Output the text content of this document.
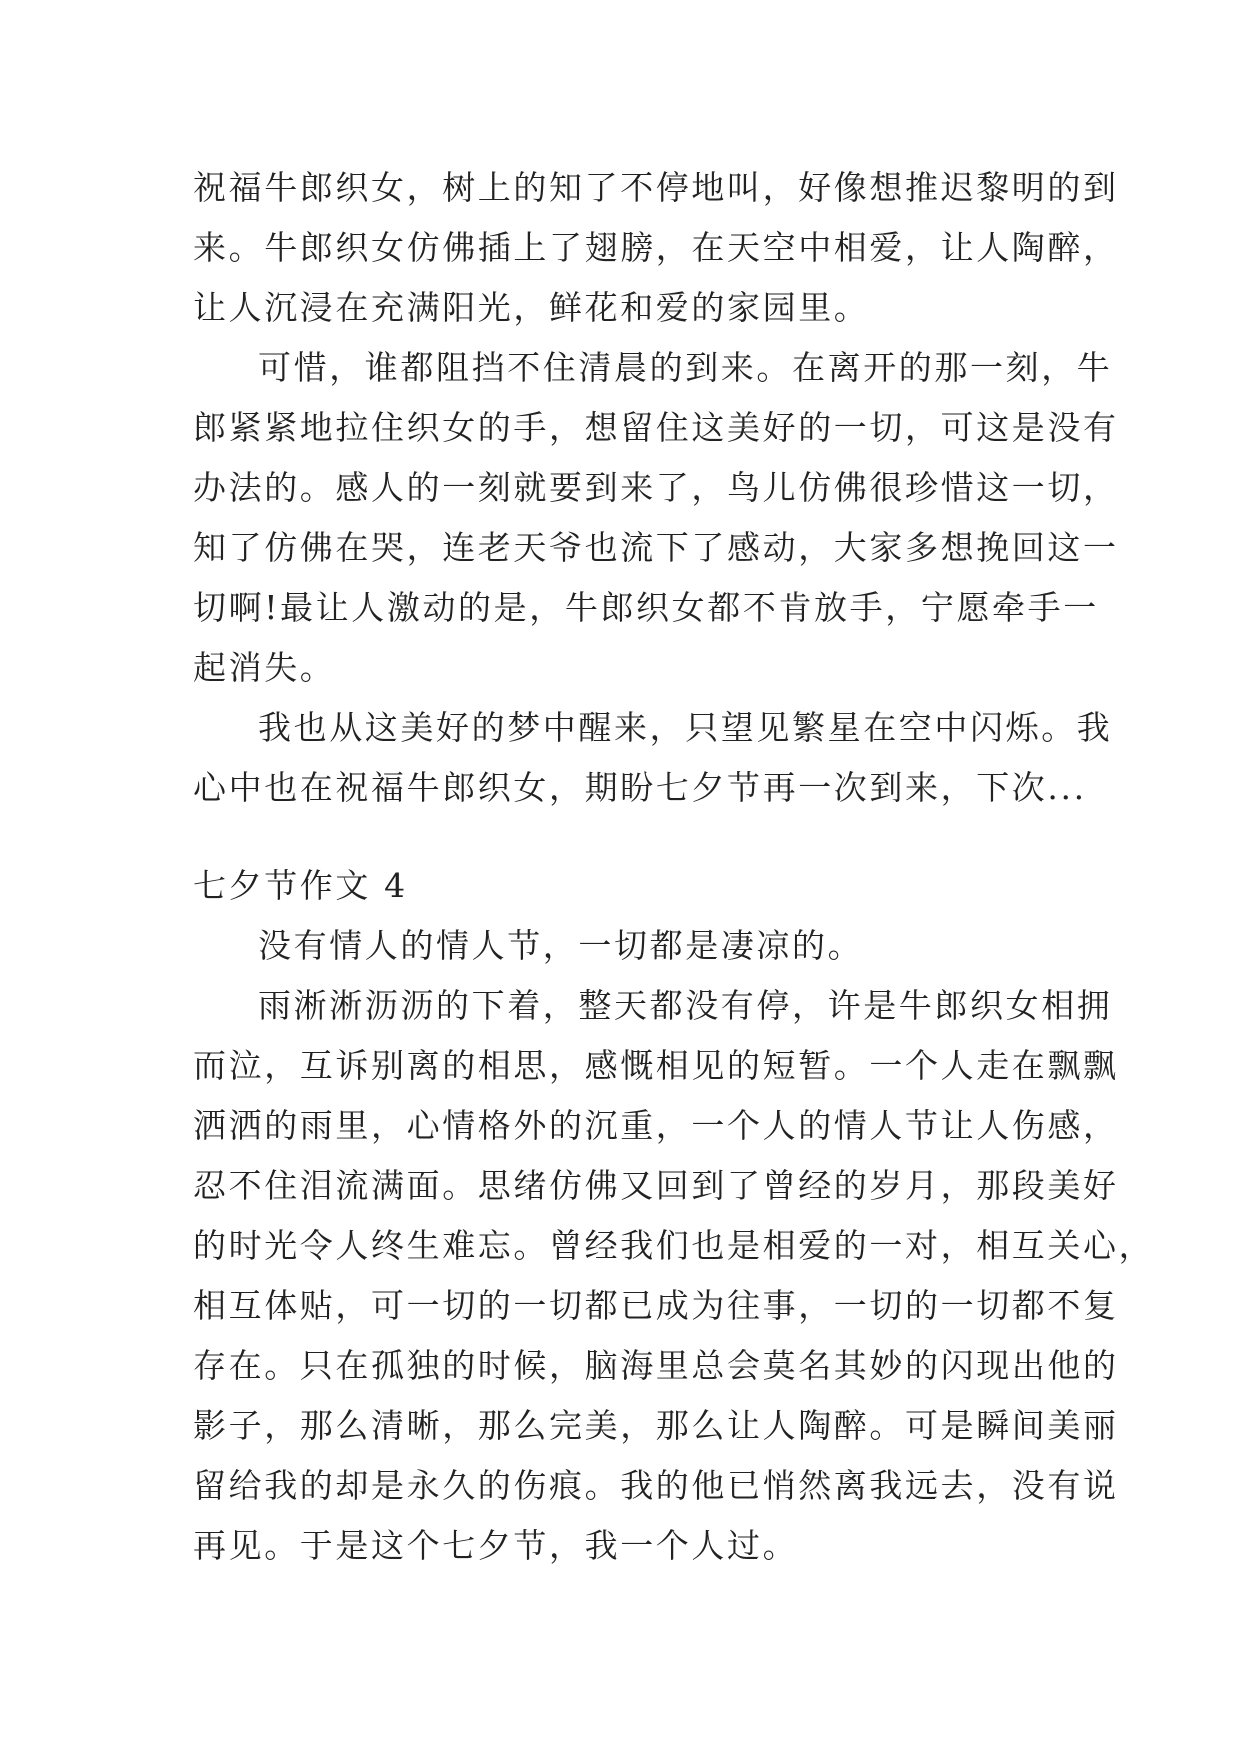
祝福牛郎织女，树上的知了不停地叫，好像想推迟黎明的到
来。牛郎织女仿佛插上了翅膀，在天空中相爱，让人陶醉，
让人沉浸在充满阳光，鲜花和爱的家园里。
可惜，谁都阻挡不住清晨的到来。在离开的那一刻，牛
郎紧紧地拉住织女的手，想留住这美好的一切，可这是没有
办法的。感人的一刻就要到来了，鸟儿仿佛很珍惜这一切，
知了仿佛在哭，连老天爷也流下了感动，大家多想挽回这一
切啊!最让人激动的是，牛郎织女都不肯放手，宁愿牵手一
起消失。
我也从这美好的梦中醒来，只望见繁星在空中闪烁。我
心中也在祝福牛郎织女，期盼七夕节再一次到来，下次...
七夕节作文 4
没有情人的情人节，一切都是凄凉的。
雨淅淅沥沥的下着，整天都没有停，许是牛郎织女相拥
而泣，互诉别离的相思，感慨相见的短暂。一个人走在飘飘
洒洒的雨里，心情格外的沉重，一个人的情人节让人伤感，
忍不住泪流满面。思绪仿佛又回到了曾经的岁月，那段美好
的时光令人终生难忘。曾经我们也是相爱的一对，相互关心，
相互体贴，可一切的一切都已成为往事，一切的一切都不复
存在。只在孤独的时候，脑海里总会莫名其妙的闪现出他的
影子，那么清晰，那么完美，那么让人陶醉。可是瞬间美丽
留给我的却是永久的伤痕。我的他已悄然离我远去，没有说
再见。于是这个七夕节，我一个人过。
